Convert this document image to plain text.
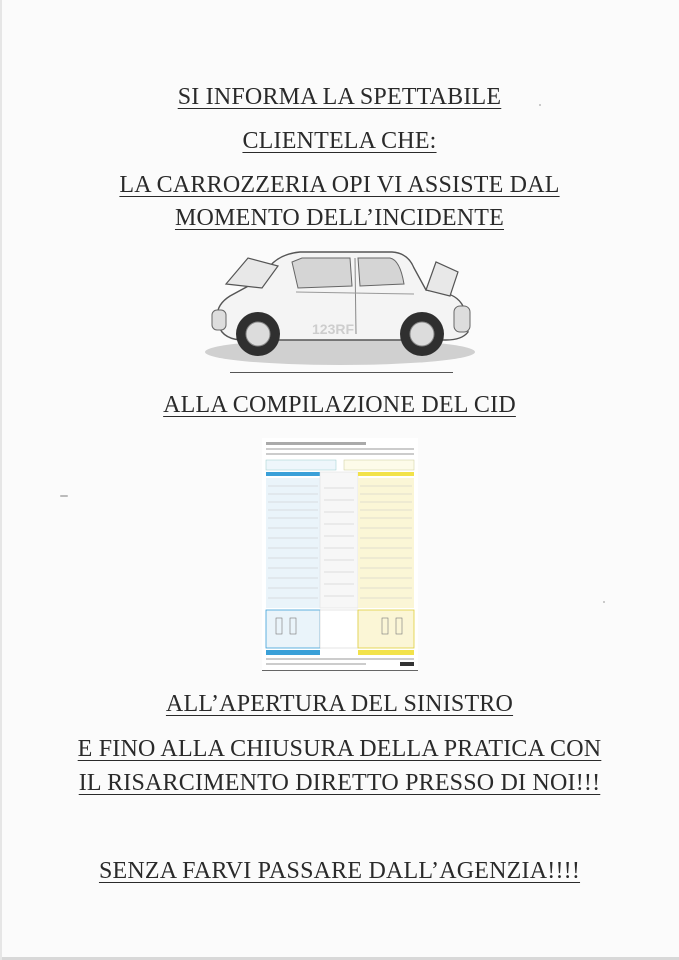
SI INFORMA LA SPETTABILE
CLIENTELA CHE:
LA CARROZZERIA OPI VI ASSISTE DAL
MOMENTO DELL’INCIDENTE
123RF
ALLA COMPILAZIONE DEL CID
ALL’APERTURA DEL SINISTRO
E FINO ALLA CHIUSURA DELLA PRATICA CON
IL RISARCIMENTO DIRETTO PRESSO DI NOI!!!
SENZA FARVI PASSARE DALL’AGENZIA!!!!
